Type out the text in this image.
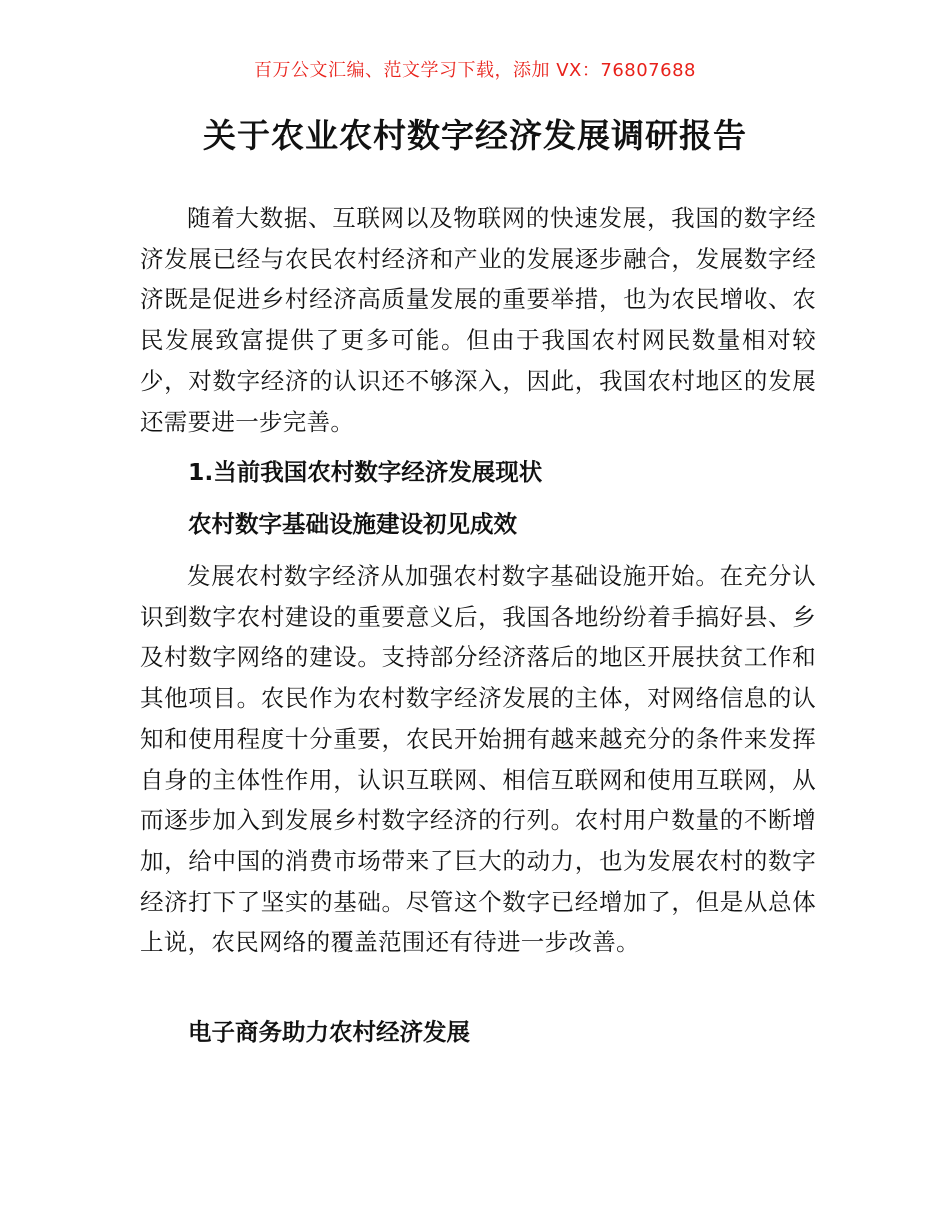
百万公文汇编、范文学习下载，添加 VX：76807688
关于农业农村数字经济发展调研报告

随着大数据、互联网以及物联网的快速发展，我国的数字经济发展已经与农民农村经济和产业的发展逐步融合，发展数字经济既是促进乡村经济高质量发展的重要举措，也为农民增收、农民发展致富提供了更多可能。但由于我国农村网民数量相对较少，对数字经济的认识还不够深入，因此，我国农村地区的发展还需要进一步完善。

1.当前我国农村数字经济发展现状
农村数字基础设施建设初见成效

发展农村数字经济从加强农村数字基础设施开始。在充分认识到数字农村建设的重要意义后，我国各地纷纷着手搞好县、乡及村数字网络的建设。支持部分经济落后的地区开展扶贫工作和其他项目。农民作为农村数字经济发展的主体，对网络信息的认知和使用程度十分重要，农民开始拥有越来越充分的条件来发挥自身的主体性作用，认识互联网、相信互联网和使用互联网，从而逐步加入到发展乡村数字经济的行列。农村用户数量的不断增加，给中国的消费市场带来了巨大的动力，也为发展农村的数字经济打下了坚实的基础。尽管这个数字已经增加了，但是从总体上说，农民网络的覆盖范围还有待进一步改善。

电子商务助力农村经济发展
